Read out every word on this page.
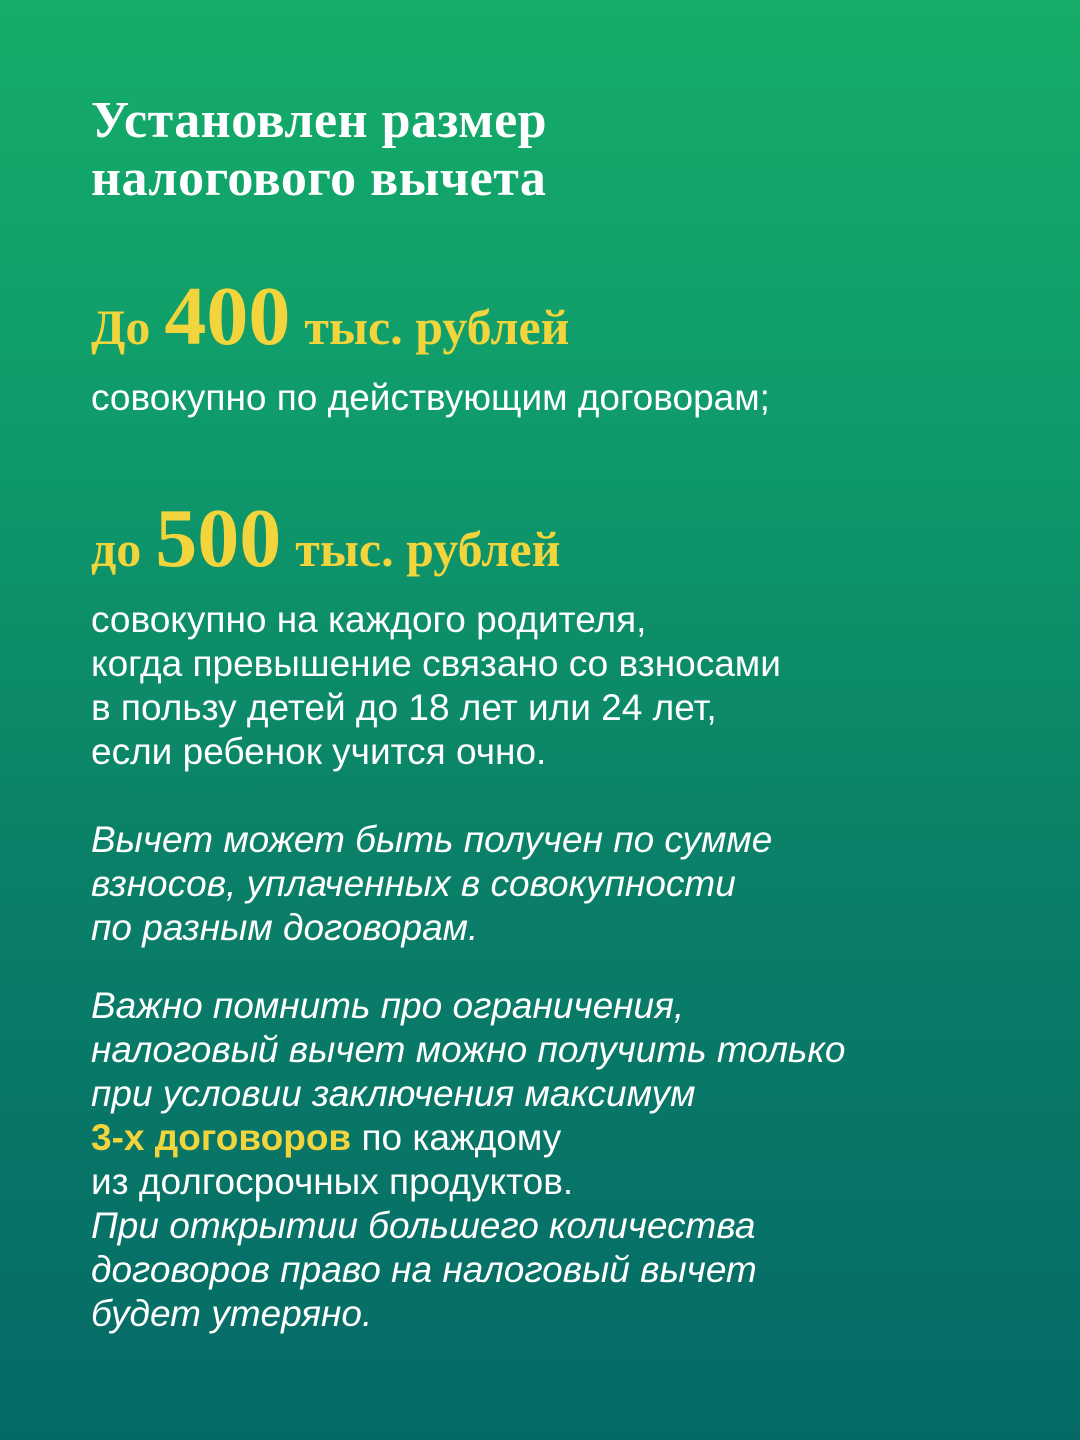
Установлен размер
налогового вычета
До 400 тыс. рублей

совокупно по действующим договорам;

до 500 тыс. рублей

совокупно на каждого родителя,
когда превышение связано со взносами
в пользу детей до 18 лет или 24 лет,
если ребенок учится очно.

Вычет может быть получен по сумме
взносов, уплаченных в совокупности
по разным договорам.

Важно помнить про ограничения,
налоговый вычет можно получить только
при условии заключения максимум
3-х договоров по каждому
из долгосрочных продуктов.
При открытии большего количества
договоров право на налоговый вычет
будет утеряно.
